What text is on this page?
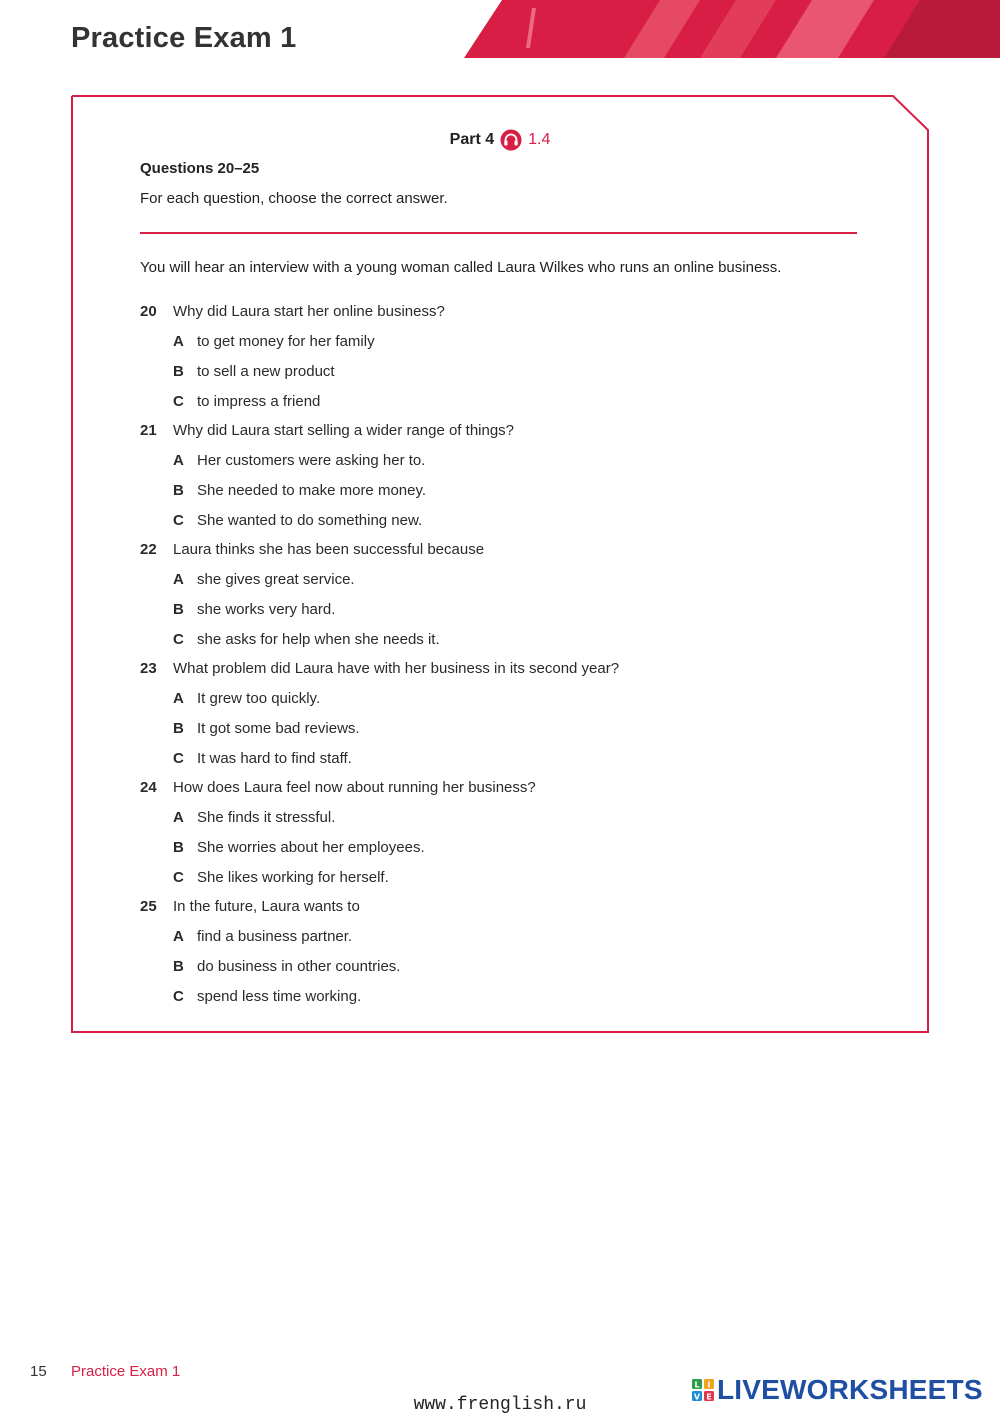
Practice Exam 1
Part 4 1.4
Questions 20–25
For each question, choose the correct answer.
You will hear an interview with a young woman called Laura Wilkes who runs an online business.
20	Why did Laura start her online business?
A to get money for her family
B to sell a new product
C to impress a friend
21	Why did Laura start selling a wider range of things?
A Her customers were asking her to.
B She needed to make more money.
C She wanted to do something new.
22	Laura thinks she has been successful because
A she gives great service.
B she works very hard.
C she asks for help when she needs it.
23	What problem did Laura have with her business in its second year?
A It grew too quickly.
B It got some bad reviews.
C It was hard to find staff.
24	How does Laura feel now about running her business?
A She finds it stressful.
B She worries about her employees.
C She likes working for herself.
25	In the future, Laura wants to
A find a business partner.
B do business in other countries.
C spend less time working.
15 Practice Exam 1
L I
V E LIVEWORKSHEETS
www.frenglish.ru
